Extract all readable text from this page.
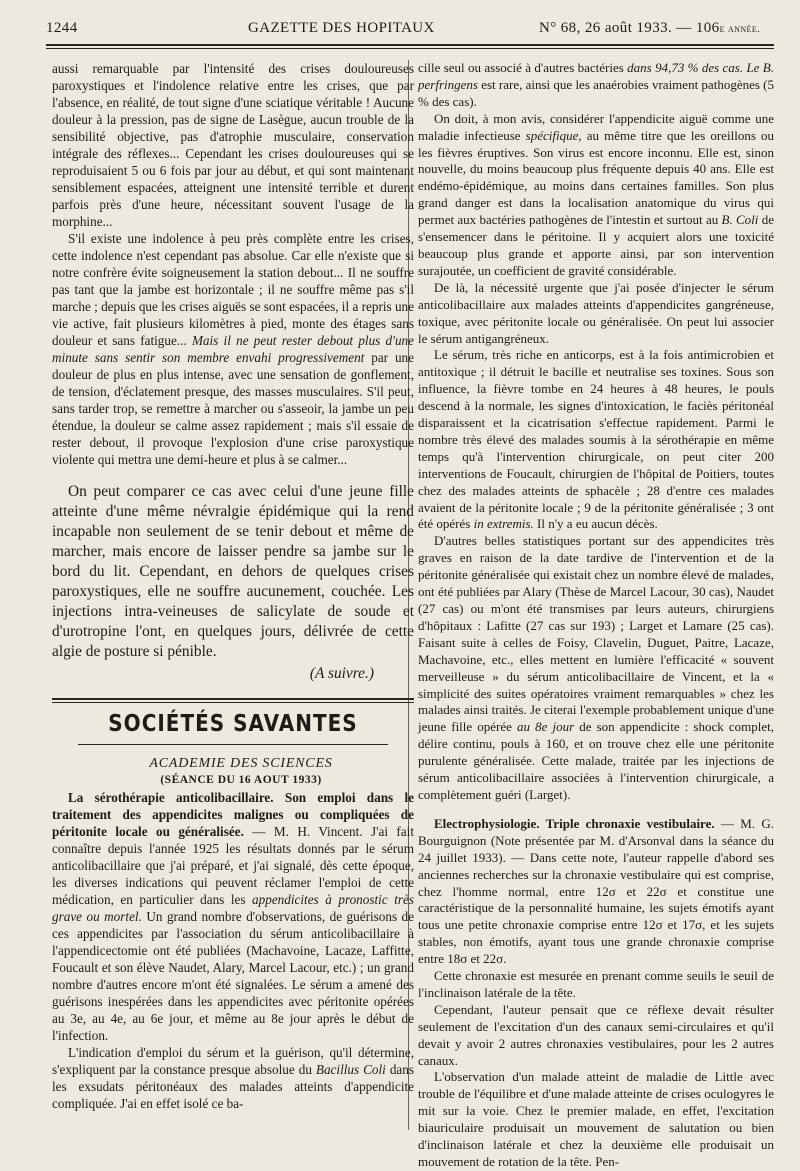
1244	GAZETTE DES HOPITAUX	N° 68, 26 août 1933. — 106e année.

aussi remarquable par l'intensité des crises douloureuses paroxystiques et l'indolence relative entre les crises, que par l'absence, en réalité, de tout signe d'une sciatique véritable ! Aucune douleur à la pression, pas de signe de Lasègue, aucun trouble de la sensibilité objective, pas d'atrophie musculaire, conservation intégrale des réflexes... Cependant les crises douloureuses qui se reproduisaient 5 ou 6 fois par jour au début, et qui sont maintenant sensiblement espacées, atteignent une intensité terrible et durent parfois près d'une heure, nécessitant souvent l'usage de la morphine...

S'il existe une indolence à peu près complète entre les crises, cette indolence n'est cependant pas absolue. Car elle n'existe que si notre confrère évite soigneusement la station debout... Il ne souffre pas tant que la jambe est horizontale ; il ne souffre même pas s'il marche ; depuis que les crises aiguës se sont espacées, il a repris une vie active, fait plusieurs kilomètres à pied, monte des étages sans douleur et sans fatigue... Mais il ne peut rester debout plus d'une minute sans sentir son membre envahi progressivement par une douleur de plus en plus intense, avec une sensation de gonflement, de tension, d'éclatement presque, des masses musculaires. S'il peut, sans tarder trop, se remettre à marcher ou s'asseoir, la jambe un peu étendue, la douleur se calme assez rapidement ; mais s'il essaie de rester debout, il provoque l'explosion d'une crise paroxystique violente qui mettra une demi-heure et plus à se calmer...

On peut comparer ce cas avec celui d'une jeune fille atteinte d'une même névralgie épidémique qui la rend incapable non seulement de se tenir debout et même de marcher, mais encore de laisser pendre sa jambe sur le bord du lit. Cependant, en dehors de quelques crises paroxystiques, elle ne souffre aucunement, couchée. Les injections intra-veineuses de salicylate de soude et d'urotropine l'ont, en quelques jours, délivrée de cette algie de posture si pénible.

(A suivre.)

SOCIÉTÉS SAVANTES

ACADEMIE DES SCIENCES

(SÉANCE DU 16 AOUT 1933)

La sérothérapie anticolibacillaire. Son emploi dans le traitement des appendicites malignes ou compliquées de péritonite locale ou généralisée. — M. H. Vincent. J'ai fait connaître depuis l'année 1925 les résultats donnés par le sérum anticolibacillaire que j'ai préparé, et j'ai signalé, dès cette époque, les diverses indications qui peuvent réclamer l'emploi de cette médication, en particulier dans les appendicites à pronostic très grave ou mortel. Un grand nombre d'observations, de guérisons de ces appendicites par l'association du sérum anticolibacillaire à l'appendicectomie ont été publiées (Machavoine, Lacaze, Laffitte, Foucault et son élève Naudet, Alary, Marcel Lacour, etc.) ; un grand nombre d'autres encore m'ont été signalées. Le sérum a amené des guérisons inespérées dans les appendicites avec péritonite opérées au 3e, au 4e, au 6e jour, et même au 8e jour après le début de l'infection.

L'indication d'emploi du sérum et la guérison, qu'il détermine, s'expliquent par la constance presque absolue du Bacillus Coli dans les exsudats péritonéaux des malades atteints d'appendicite compliquée. J'ai en effet isolé ce ba-

cille seul ou associé à d'autres bactéries dans 94,73 % des cas. Le B. perfringens est rare, ainsi que les anaérobies vraiment pathogènes (5 % des cas).

On doit, à mon avis, considérer l'appendicite aiguë comme une maladie infectieuse spécifique, au même titre que les oreillons ou les fièvres éruptives. Son virus est encore inconnu. Elle est, sinon nouvelle, du moins beaucoup plus fréquente depuis 40 ans. Elle est endémo-épidémique, au moins dans certaines familles. Son plus grand danger est dans la localisation anatomique du virus qui permet aux bactéries pathogènes de l'intestin et surtout au B. Coli de s'ensemencer dans le péritoine. Il y acquiert alors une toxicité beaucoup plus grande et apporte ainsi, par son intervention surajoutée, un coefficient de gravité considérable.

De là, la nécessité urgente que j'ai posée d'injecter le sérum anticolibacillaire aux malades atteints d'appendicites gangréneuse, toxique, avec péritonite locale ou généralisée. On peut lui associer le sérum antigangréneux.

Le sérum, très riche en anticorps, est à la fois antimicrobien et antitoxique ; il détruit le bacille et neutralise ses toxines. Sous son influence, la fièvre tombe en 24 heures à 48 heures, le pouls descend à la normale, les signes d'intoxication, le faciès péritonéal disparaissent et la cicatrisation s'effectue rapidement. Parmi le nombre très élevé des malades soumis à la sérothérapie en même temps qu'à l'intervention chirurgicale, on peut citer 200 interventions de Foucault, chirurgien de l'hôpital de Poitiers, toutes chez des malades atteints de sphacèle ; 28 d'entre ces malades avaient de la péritonite locale ; 9 de la péritonite généralisée ; 3 ont été opérés in extremis. Il n'y a eu aucun décès.

D'autres belles statistiques portant sur des appendicites très graves en raison de la date tardive de l'intervention et de la péritonite généralisée qui existait chez un nombre élevé de malades, ont été publiées par Alary (Thèse de Marcel Lacour, 30 cas), Naudet (27 cas) ou m'ont été transmises par leurs auteurs, chirurgiens d'hôpitaux : Lafitte (27 cas sur 193) ; Larget et Lamare (25 cas). Faisant suite à celles de Foisy, Clavelin, Duguet, Paitre, Lacaze, Machavoine, etc., elles mettent en lumière l'efficacité « souvent merveilleuse » du sérum anticolibacillaire de Vincent, et la « simplicité des suites opératoires vraiment remarquables » chez les malades ainsi traités. Je citerai l'exemple probablement unique d'une jeune fille opérée au 8e jour de son appendicite : shock complet, délire continu, pouls à 160, et on trouve chez elle une péritonite purulente généralisée. Cette malade, traitée par les injections de sérum anticolibacillaire associées à l'intervention chirurgicale, a complètement guéri (Larget).

Electrophysiologie. Triple chronaxie vestibulaire. — M. G. Bourguignon (Note présentée par M. d'Arsonval dans la séance du 24 juillet 1933). — Dans cette note, l'auteur rappelle d'abord ses anciennes recherches sur la chronaxie vestibulaire qui est comprise, chez l'homme normal, entre 12σ et 22σ et constitue une caractéristique de la personnalité humaine, les sujets émotifs ayant tous une petite chronaxie comprise entre 12σ et 17σ, et les sujets stables, non émotifs, ayant tous une grande chronaxie comprise entre 18σ et 22σ.

Cette chronaxie est mesurée en prenant comme seuils le seuil de l'inclinaison latérale de la tête.

Cependant, l'auteur pensait que ce réflexe devait résulter seulement de l'excitation d'un des canaux semi-circulaires et qu'il devait y avoir 2 autres chronaxies vestibulaires, pour les 2 autres canaux.

L'observation d'un malade atteint de maladie de Little avec trouble de l'équilibre et d'une malade atteinte de crises oculogyres le mit sur la voie. Chez le premier malade, en effet, l'excitation biauriculaire produisait un mouvement de salutation ou bien d'inclinaison latérale et chez la deuxième elle produisait un mouvement de rotation de la tête. Pen-
